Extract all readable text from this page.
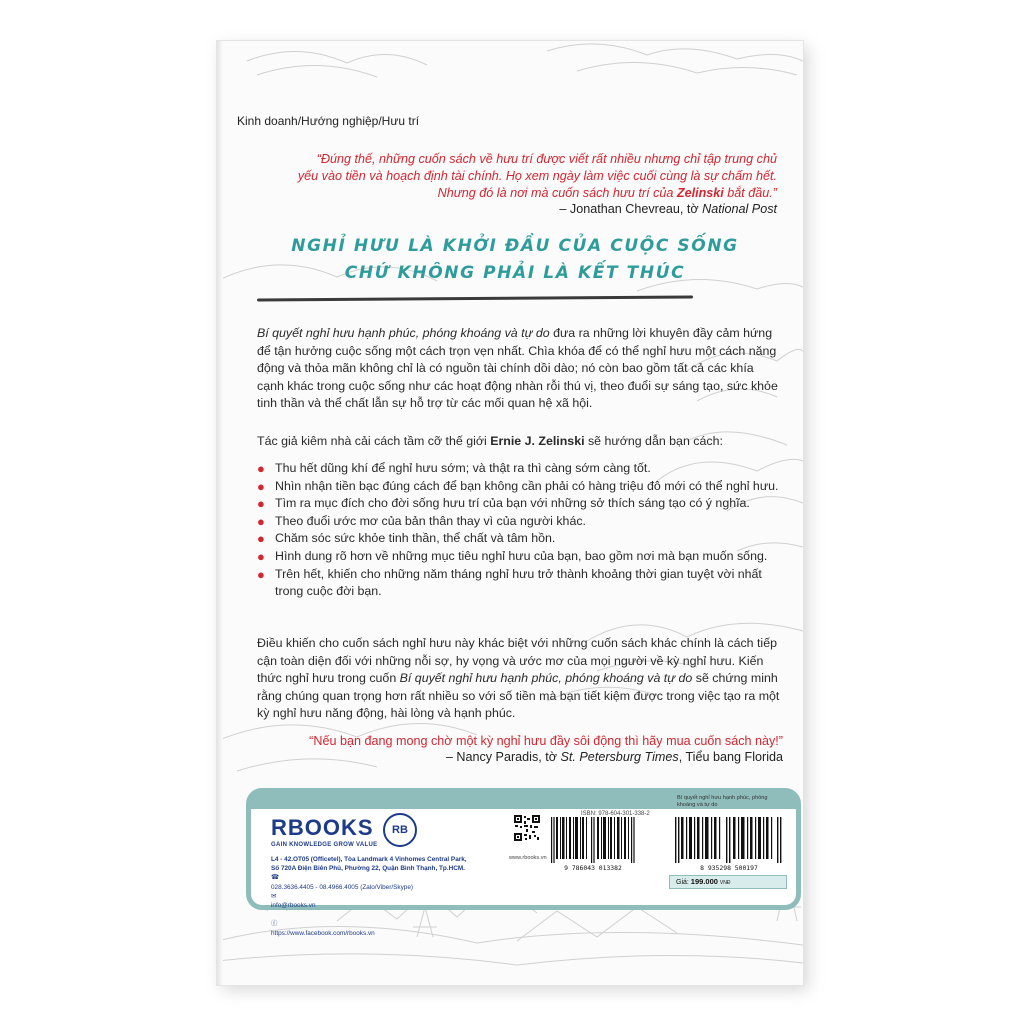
Kinh doanh/Hướng nghiệp/Hưu trí
“Đúng thế, những cuốn sách về hưu trí được viết rất nhiều nhưng chỉ tập trung chủ
yếu vào tiền và hoạch định tài chính. Họ xem ngày làm việc cuối cùng là sự chấm hết.
Nhưng đó là nơi mà cuốn sách hưu trí của Zelinski bắt đầu.”
– Jonathan Chevreau, tờ National Post
NGHỈ HƯU LÀ KHỞI ĐẦU CỦA CUỘC SỐNG
CHỨ KHÔNG PHẢI LÀ KẾT THÚC
Bí quyết nghỉ hưu hạnh phúc, phóng khoáng và tự do đưa ra những lời khuyên đầy cảm hứng để tận hưởng cuộc sống một cách trọn vẹn nhất. Chìa khóa để có thể nghỉ hưu một cách năng động và thỏa mãn không chỉ là có nguồn tài chính dồi dào; nó còn bao gồm tất cả các khía cạnh khác trong cuộc sống như các hoạt động nhàn rỗi thú vị, theo đuổi sự sáng tạo, sức khỏe tinh thần và thể chất lẫn sự hỗ trợ từ các mối quan hệ xã hội.
Tác giả kiêm nhà cải cách tầm cỡ thế giới Ernie J. Zelinski sẽ hướng dẫn bạn cách:
● Thu hết dũng khí để nghỉ hưu sớm; và thật ra thì càng sớm càng tốt.
● Nhìn nhận tiền bạc đúng cách để bạn không cần phải có hàng triệu đô mới có thể nghỉ hưu.
● Tìm ra mục đích cho đời sống hưu trí của bạn với những sở thích sáng tạo có ý nghĩa.
● Theo đuổi ước mơ của bản thân thay vì của người khác.
● Chăm sóc sức khỏe tinh thần, thể chất và tâm hồn.
● Hình dung rõ hơn về những mục tiêu nghỉ hưu của bạn, bao gồm nơi mà bạn muốn sống.
● Trên hết, khiến cho những năm tháng nghỉ hưu trở thành khoảng thời gian tuyệt vời nhất trong cuộc đời bạn.
Điều khiến cho cuốn sách nghỉ hưu này khác biệt với những cuốn sách khác chính là cách tiếp cận toàn diện đối với những nỗi sợ, hy vọng và ước mơ của mọi người về kỳ nghỉ hưu. Kiến thức nghỉ hưu trong cuốn Bí quyết nghỉ hưu hạnh phúc, phóng khoáng và tự do sẽ chứng minh rằng chúng quan trọng hơn rất nhiều so với số tiền mà bạn tiết kiệm được trong việc tạo ra một kỳ nghỉ hưu năng động, hài lòng và hạnh phúc.
“Nếu bạn đang mong chờ một kỳ nghỉ hưu đầy sôi động thì hãy mua cuốn sách này!”
– Nancy Paradis, tờ St. Petersburg Times, Tiểu bang Florida
Bí quyết nghỉ hưu hạnh phúc, phóng khoáng và tự do
RBOOKS
GAIN KNOWLEDGE GROW VALUE
RB
L4 - 42.OT05 (Officetel), Tòa Landmark 4 Vinhomes Central Park,
Số 720A Điện Biên Phủ, Phường 22, Quận Bình Thạnh, Tp.HCM.
☎
028.3636.4405 - 08.4966.4005 (Zalo/Viber/Skype)
✉
info@rbooks.vn

ⓕ
https://www.facebook.com/rbooks.vn
www.rbooks.vn
ISBN: 978-604-301-338-2
9 786043 013382	8 935298 500197
Giá: 199.000 VNĐ
